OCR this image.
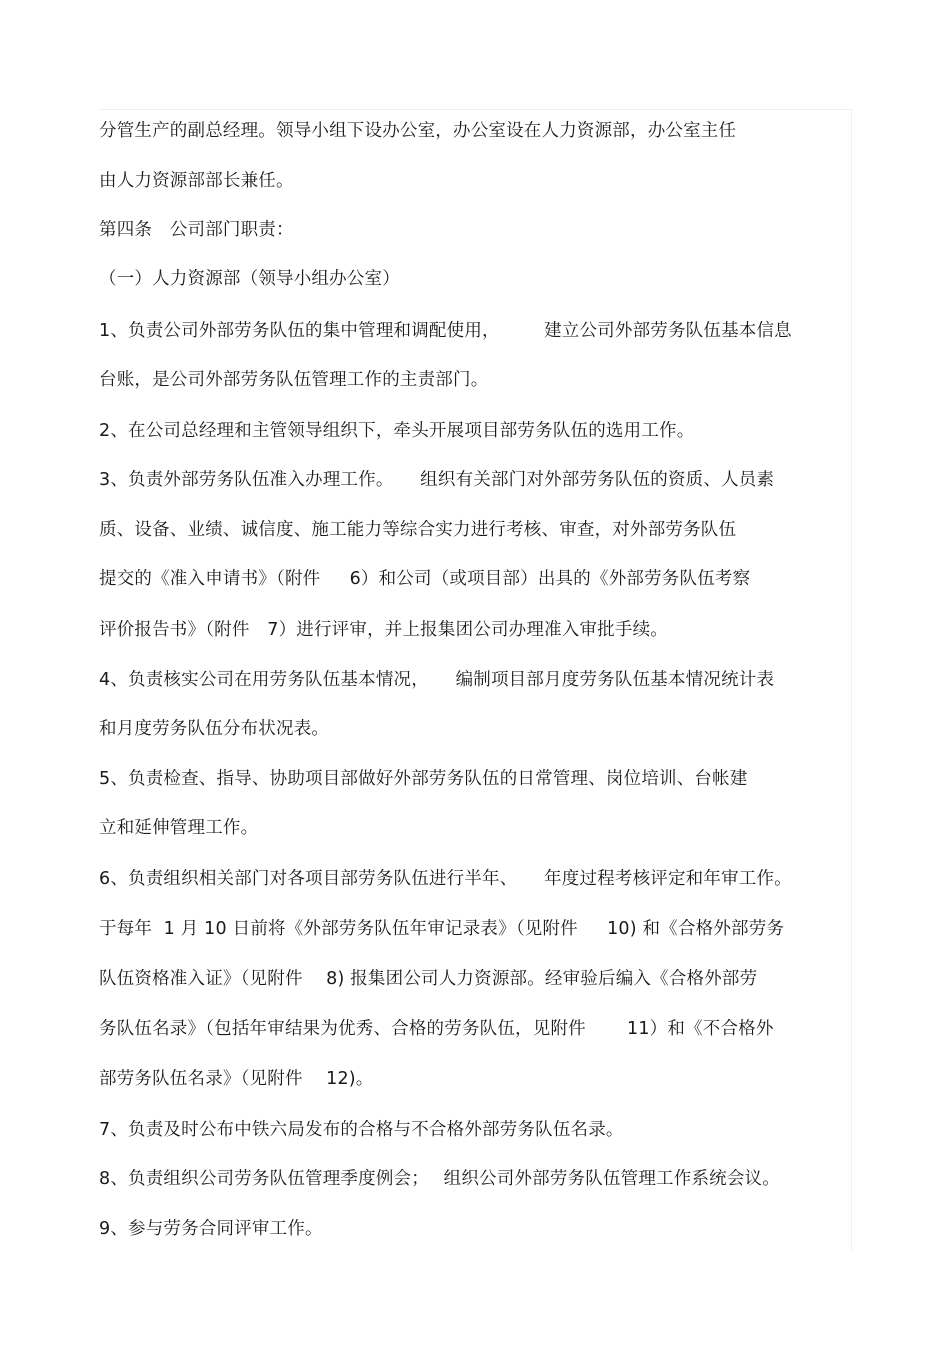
分管生产的副总经理。领导小组下设办公室，办公室设在人力资源部，办公室主任
由人力资源部部长兼任。
第四条　公司部门职责：
（一）人力资源部（领导小组办公室）
1、负责公司外部劳务队伍的集中管理和调配使用，　　　建立公司外部劳务队伍基本信息
台账，是公司外部劳务队伍管理工作的主责部门。
2、在公司总经理和主管领导组织下，牵头开展项目部劳务队伍的选用工作。
3、负责外部劳务队伍准入办理工作。　　组织有关部门对外部劳务队伍的资质、人员素
质、设备、业绩、诚信度、施工能力等综合实力进行考核、审查，对外部劳务队伍
提交的《准入申请书》（附件　  6）和公司（或项目部）出具的《外部劳务队伍考察
评价报告书》（附件　7）进行评审，并上报集团公司办理准入审批手续。
4、负责核实公司在用劳务队伍基本情况，　　编制项目部月度劳务队伍基本情况统计表
和月度劳务队伍分布状况表。
5、负责检查、指导、协助项目部做好外部劳务队伍的日常管理、岗位培训、台帐建
立和延伸管理工作。
6、负责组织相关部门对各项目部劳务队伍进行半年、　　年度过程考核评定和年审工作。
于每年  1 月 10 日前将《外部劳务队伍年审记录表》（见附件　  10) 和《合格外部劳务
队伍资格准入证》（见附件　 8) 报集团公司人力资源部。经审验后编入《合格外部劳
务队伍名录》（包括年审结果为优秀、合格的劳务队伍，见附件　　 11）和《不合格外
部劳务队伍名录》（见附件　 12)。
7、负责及时公布中铁六局发布的合格与不合格外部劳务队伍名录。
8、负责组织公司劳务队伍管理季度例会；　 组织公司外部劳务队伍管理工作系统会议。
9、参与劳务合同评审工作。
